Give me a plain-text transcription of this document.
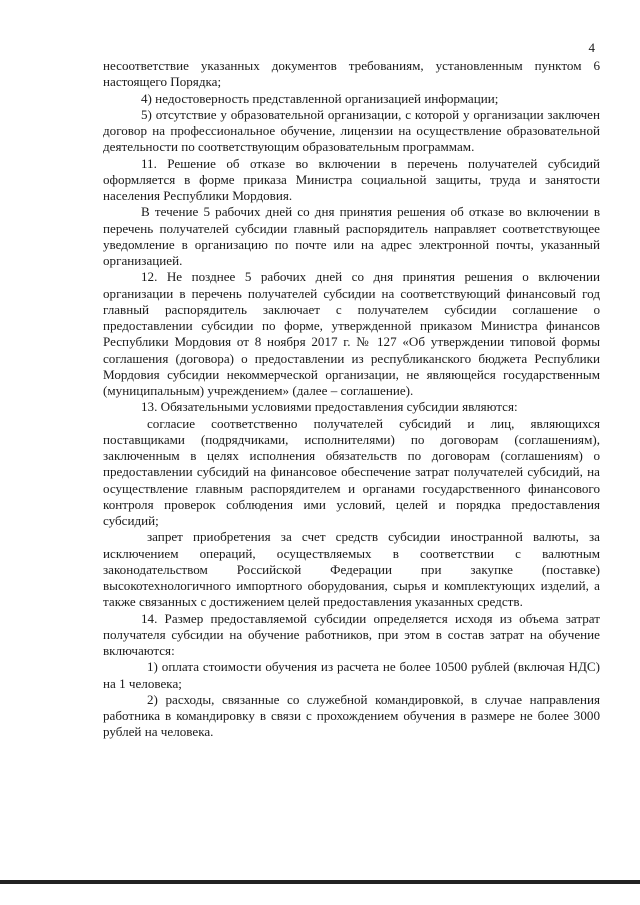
4

несоответствие указанных документов требованиям, установленным пунктом 6 настоящего Порядка;

4) недостоверность представленной организацией информации;

5) отсутствие у образовательной организации, с которой у организации заключен договор на профессиональное обучение, лицензии на осуществление образовательной деятельности по соответствующим образовательным программам.

11. Решение об отказе во включении в перечень получателей субсидий оформляется в форме приказа Министра социальной защиты, труда и занятости населения Республики Мордовия.

В течение 5 рабочих дней со дня принятия решения об отказе во включении в перечень получателей субсидии главный распорядитель направляет соответствующее уведомление в организацию по почте или на адрес электронной почты, указанный организацией.

12. Не позднее 5 рабочих дней со дня принятия решения о включении организации в перечень получателей субсидии на соответствующий финансовый год главный распорядитель заключает с получателем субсидии соглашение о предоставлении субсидии по форме, утвержденной приказом Министра финансов Республики Мордовия от 8 ноября 2017 г. № 127 «Об утверждении типовой формы соглашения (договора) о предоставлении из республиканского бюджета Республики Мордовия субсидии некоммерческой организации, не являющейся государственным (муниципальным) учреждением» (далее – соглашение).

13. Обязательными условиями предоставления субсидии являются:

согласие соответственно получателей субсидий и лиц, являющихся поставщиками (подрядчиками, исполнителями) по договорам (соглашениям), заключенным в целях исполнения обязательств по договорам (соглашениям) о предоставлении субсидий на финансовое обеспечение затрат получателей субсидий, на осуществление главным распорядителем и органами государственного финансового контроля проверок соблюдения ими условий, целей и порядка предоставления субсидий;

запрет приобретения за счет средств субсидии иностранной валюты, за исключением операций, осуществляемых в соответствии с валютным законодательством Российской Федерации при закупке (поставке) высокотехнологичного импортного оборудования, сырья и комплектующих изделий, а также связанных с достижением целей предоставления указанных средств.

14. Размер предоставляемой субсидии определяется исходя из объема затрат получателя субсидии на обучение работников, при этом в состав затрат на обучение включаются:

1) оплата стоимости обучения из расчета не более 10500 рублей (включая НДС) на 1 человека;

2) расходы, связанные со служебной командировкой, в случае направления работника в командировку в связи с прохождением обучения в размере не более 3000 рублей на человека.
